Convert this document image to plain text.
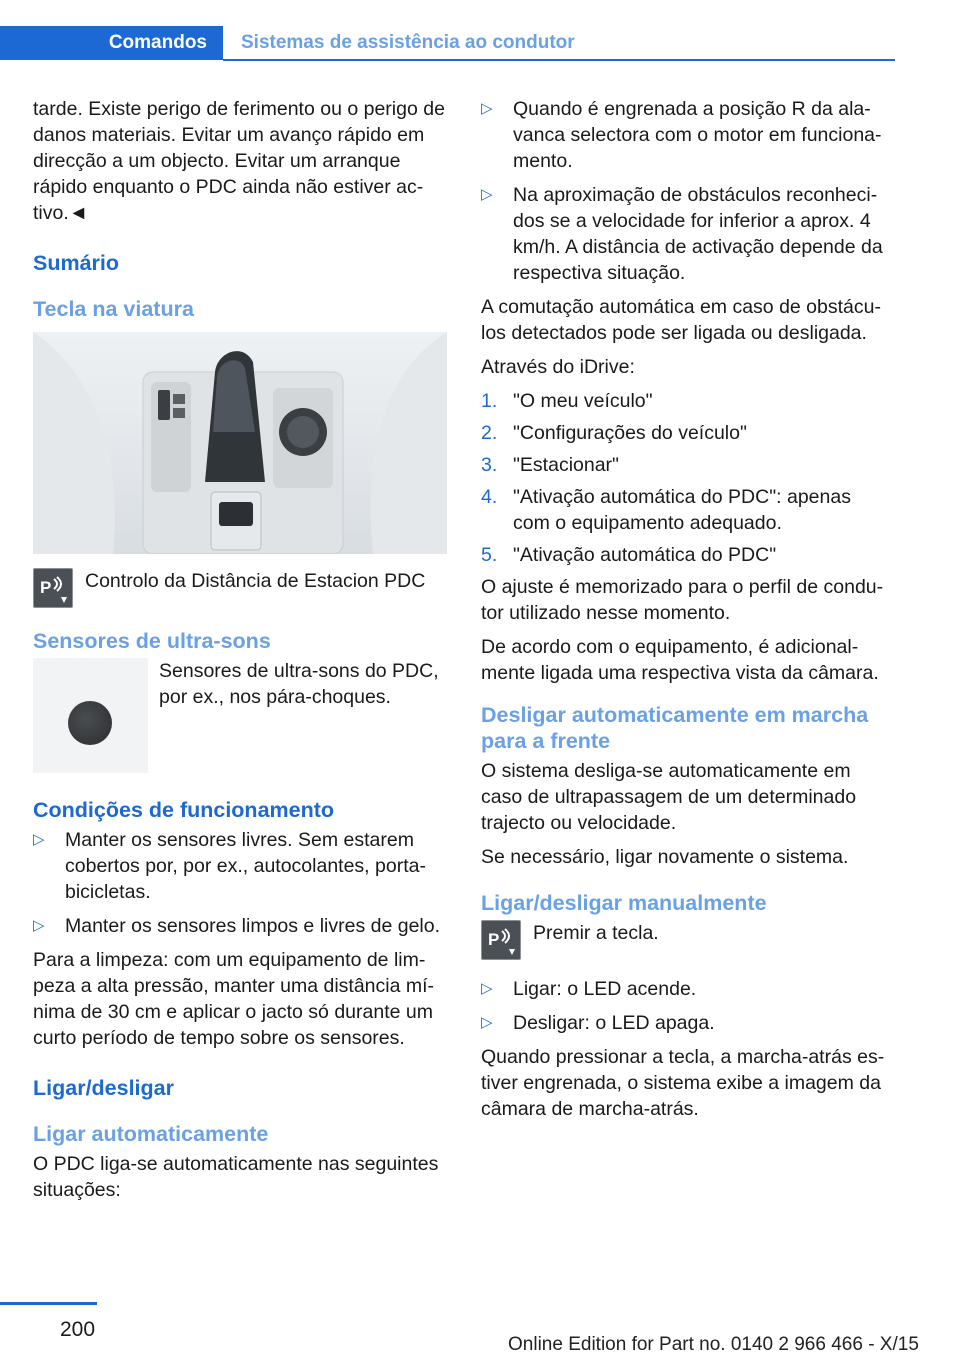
Comandos Sistemas de assistência ao condutor

tarde. Existe perigo de ferimento ou o perigo de danos materiais. Evitar um avanço rápido em direcção a um objecto. Evitar um arranque rápido enquanto o PDC ainda não estiver activo.◄

Sumário
Tecla na viatura
P Controlo da Distância de Estacion PDC
Sensores de ultra-sons
Sensores de ultra-sons do PDC, por ex., nos pára-choques.
Condições de funcionamento
▷	Manter os sensores livres. Sem estarem cobertos por, por ex., autocolantes, porta-bicicletas.
▷	Manter os sensores limpos e livres de gelo.

Para a limpeza: com um equipamento de limpeza a alta pressão, manter uma distância mínima de 30 cm e aplicar o jacto só durante um curto período de tempo sobre os sensores.

Ligar/desligar
Ligar automaticamente

O PDC liga-se automaticamente nas seguintes situações:

▷	Quando é engrenada a posição R da alavanca selectora com o motor em funcionamento.
▷	Na aproximação de obstáculos reconhecidos se a velocidade for inferior a aprox. 4 km/h. A distância de activação depende da respectiva situação.

A comutação automática em caso de obstáculos detectados pode ser ligada ou desligada.

Através do iDrive:

1. "O meu veículo"
2. "Configurações do veículo"
3. "Estacionar"
4. "Ativação automática do PDC": apenas com o equipamento adequado.
5. "Ativação automática do PDC"

O ajuste é memorizado para o perfil de condutor utilizado nesse momento.

De acordo com o equipamento, é adicionalmente ligada uma respectiva vista da câmara.

Desligar automaticamente em marcha para a frente

O sistema desliga-se automaticamente em caso de ultrapassagem de um determinado trajecto ou velocidade.

Se necessário, ligar novamente o sistema.

Ligar/desligar manualmente
P Premir a tecla.
▷	Ligar: o LED acende.
▷	Desligar: o LED apaga.

Quando pressionar a tecla, a marcha-atrás estiver engrenada, o sistema exibe a imagem da câmara de marcha-atrás.

200
Online Edition for Part no. 0140 2 966 466 - X/15
